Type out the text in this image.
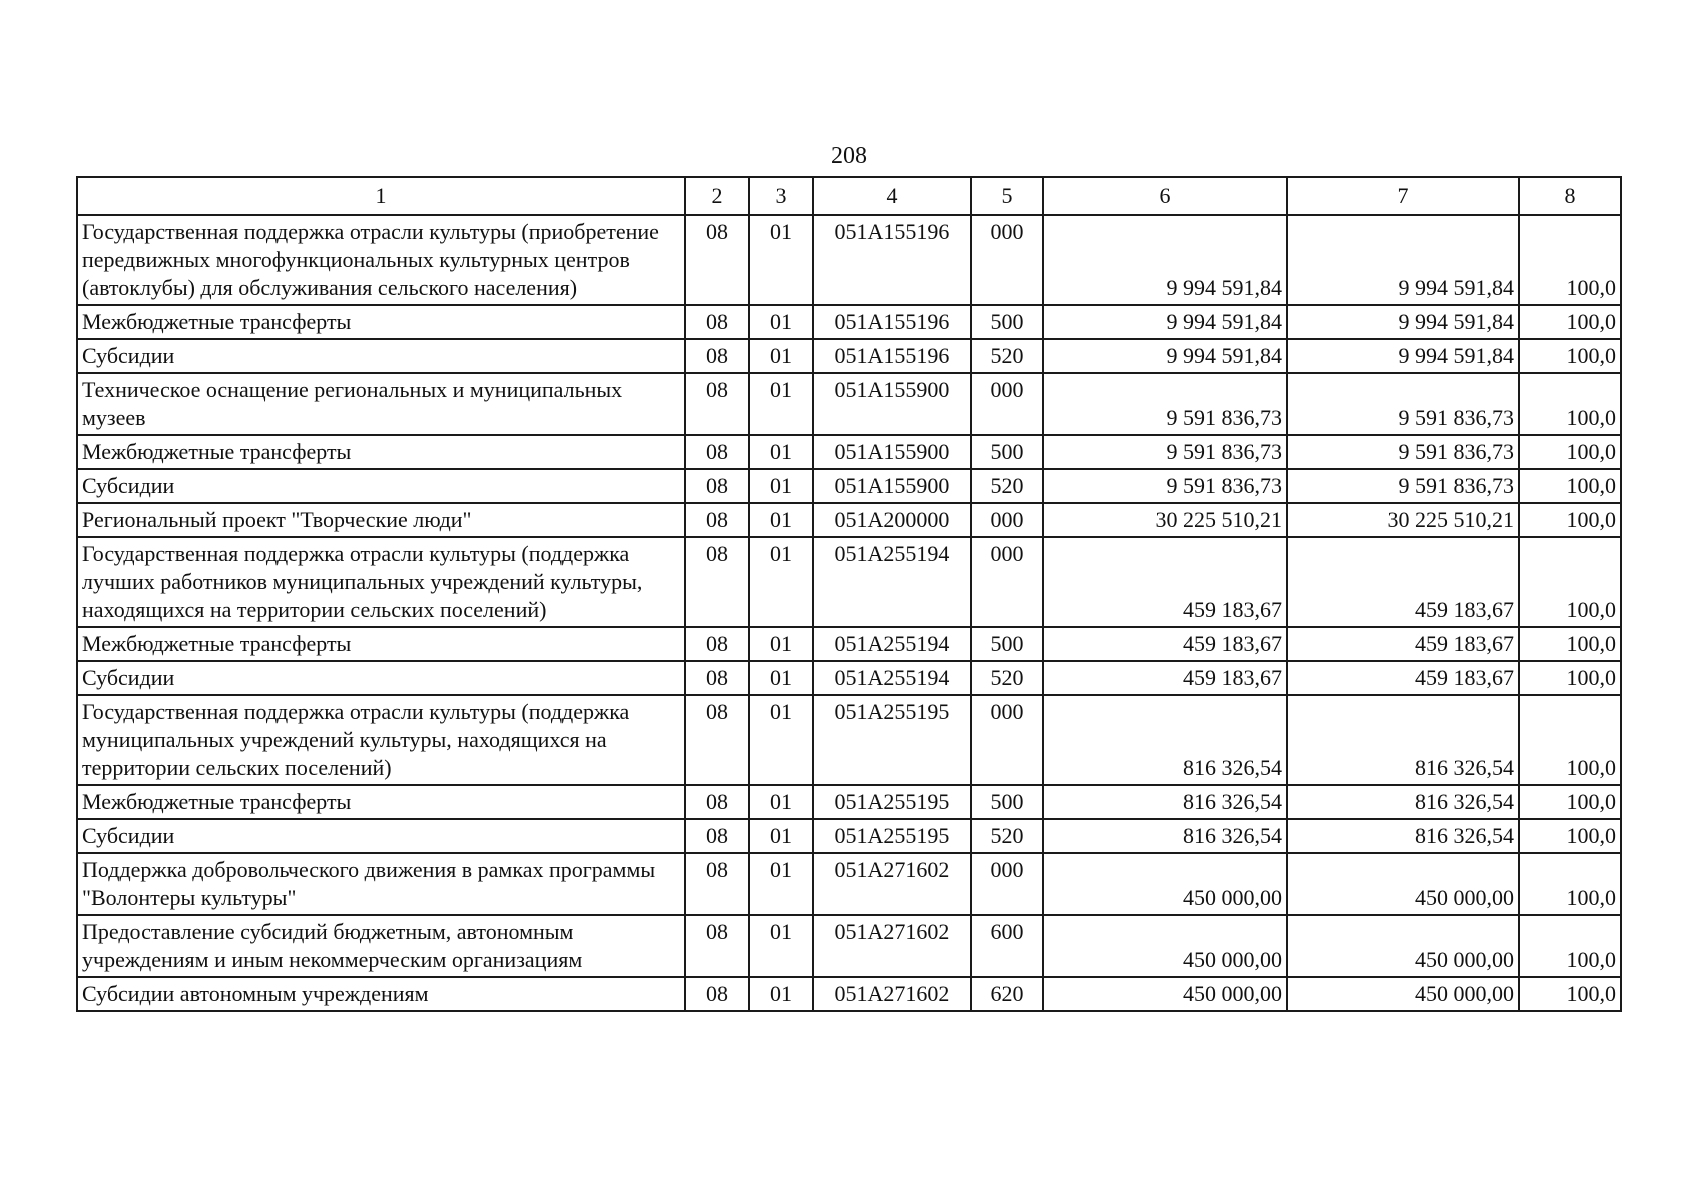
208
1	2	3	4	5	6	7	8
Государственная поддержка отрасли культуры (приобретение передвижных многофункциональных культурных центров (автоклубы) для обслуживания сельского населения)	08	01	051A155196	000	9 994 591,84	9 994 591,84	100,0
Межбюджетные трансферты	08	01	051A155196	500	9 994 591,84	9 994 591,84	100,0
Субсидии	08	01	051A155196	520	9 994 591,84	9 994 591,84	100,0
Техническое оснащение региональных и муниципальных музеев	08	01	051A155900	000	9 591 836,73	9 591 836,73	100,0
Межбюджетные трансферты	08	01	051A155900	500	9 591 836,73	9 591 836,73	100,0
Субсидии	08	01	051A155900	520	9 591 836,73	9 591 836,73	100,0
Региональный проект "Творческие люди"	08	01	051A200000	000	30 225 510,21	30 225 510,21	100,0
Государственная поддержка отрасли культуры (поддержка лучших работников муниципальных учреждений культуры, находящихся на территории сельских поселений)	08	01	051A255194	000	459 183,67	459 183,67	100,0
Межбюджетные трансферты	08	01	051A255194	500	459 183,67	459 183,67	100,0
Субсидии	08	01	051A255194	520	459 183,67	459 183,67	100,0
Государственная поддержка отрасли культуры (поддержка муниципальных учреждений культуры, находящихся на территории сельских поселений)	08	01	051A255195	000	816 326,54	816 326,54	100,0
Межбюджетные трансферты	08	01	051A255195	500	816 326,54	816 326,54	100,0
Субсидии	08	01	051A255195	520	816 326,54	816 326,54	100,0
Поддержка добровольческого движения в рамках программы "Волонтеры культуры"	08	01	051A271602	000	450 000,00	450 000,00	100,0
Предоставление субсидий бюджетным, автономным учреждениям и иным некоммерческим организациям	08	01	051A271602	600	450 000,00	450 000,00	100,0
Субсидии автономным учреждениям	08	01	051A271602	620	450 000,00	450 000,00	100,0
